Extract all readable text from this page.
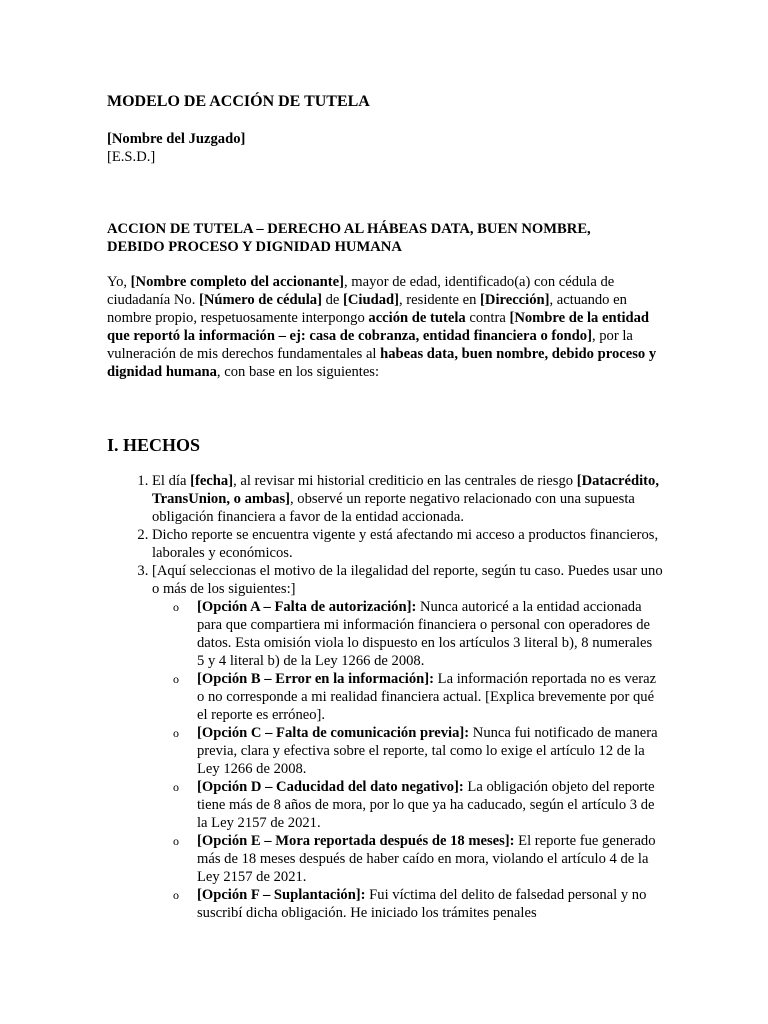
MODELO DE ACCIÓN DE TUTELA
[Nombre del Juzgado]
[E.S.D.]
ACCION DE TUTELA – DERECHO AL HÁBEAS DATA, BUEN NOMBRE,
DEBIDO PROCESO Y DIGNIDAD HUMANA

Yo, [Nombre completo del accionante], mayor de edad, identificado(a) con cédula de ciudadanía No. [Número de cédula] de [Ciudad], residente en [Dirección], actuando en nombre propio, respetuosamente interpongo acción de tutela contra [Nombre de la entidad que reportó la información – ej: casa de cobranza, entidad financiera o fondo], por la vulneración de mis derechos fundamentales al habeas data, buen nombre, debido proceso y dignidad humana, con base en los siguientes:

I. HECHOS
1. El día [fecha], al revisar mi historial crediticio en las centrales de riesgo [Datacrédito, TransUnion, o ambas], observé un reporte negativo relacionado con una supuesta obligación financiera a favor de la entidad accionada.
2. Dicho reporte se encuentra vigente y está afectando mi acceso a productos financieros, laborales y económicos.
3. [Aquí seleccionas el motivo de la ilegalidad del reporte, según tu caso. Puedes usar uno o más de los siguientes:]
o [Opción A – Falta de autorización]: Nunca autoricé a la entidad accionada para que compartiera mi información financiera o personal con operadores de datos. Esta omisión viola lo dispuesto en los artículos 3 literal b), 8 numerales 5 y 4 literal b) de la Ley 1266 de 2008.
o [Opción B – Error en la información]: La información reportada no es veraz o no corresponde a mi realidad financiera actual. [Explica brevemente por qué el reporte es erróneo].
o [Opción C – Falta de comunicación previa]: Nunca fui notificado de manera previa, clara y efectiva sobre el reporte, tal como lo exige el artículo 12 de la Ley 1266 de 2008.
o [Opción D – Caducidad del dato negativo]: La obligación objeto del reporte tiene más de 8 años de mora, por lo que ya ha caducado, según el artículo 3 de la Ley 2157 de 2021.
o [Opción E – Mora reportada después de 18 meses]: El reporte fue generado más de 18 meses después de haber caído en mora, violando el artículo 4 de la Ley 2157 de 2021.
o [Opción F – Suplantación]: Fui víctima del delito de falsedad personal y no suscribí dicha obligación. He iniciado los trámites penales
